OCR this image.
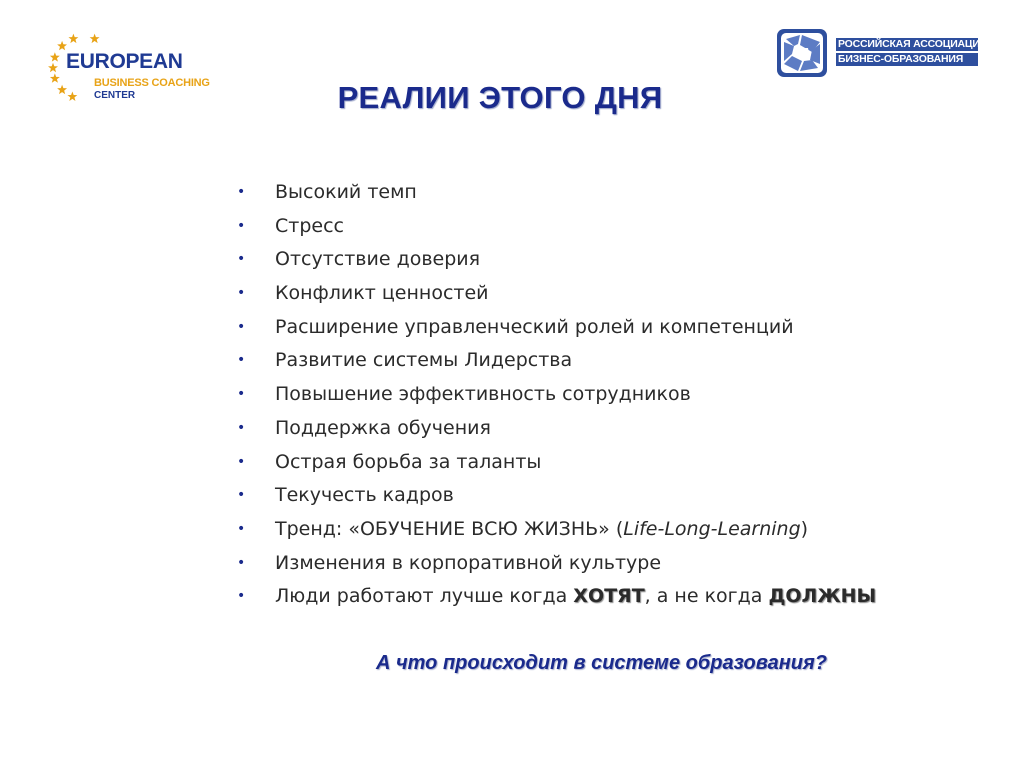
EUROPEAN
BUSINESS COACHING
CENTER
РОССИЙСКАЯ АССОЦИАЦИЯ
БИЗНЕС-ОБРАЗОВАНИЯ
РЕАЛИИ ЭТОГО ДНЯ
• Высокий темп
• Стресс
• Отсутствие доверия
• Конфликт ценностей
• Расширение управленческий ролей и компетенций
• Развитие системы Лидерства
• Повышение эффективность сотрудников
• Поддержка обучения
• Острая борьба за таланты
• Текучесть кадров
• Тренд: «ОБУЧЕНИЕ ВСЮ ЖИЗНЬ» (Life-Long-Learning)
• Изменения в корпоративной культуре
• Люди работают лучше когда ХОТЯТ, а не когда ДОЛЖНЫ
А что происходит в системе образования?
